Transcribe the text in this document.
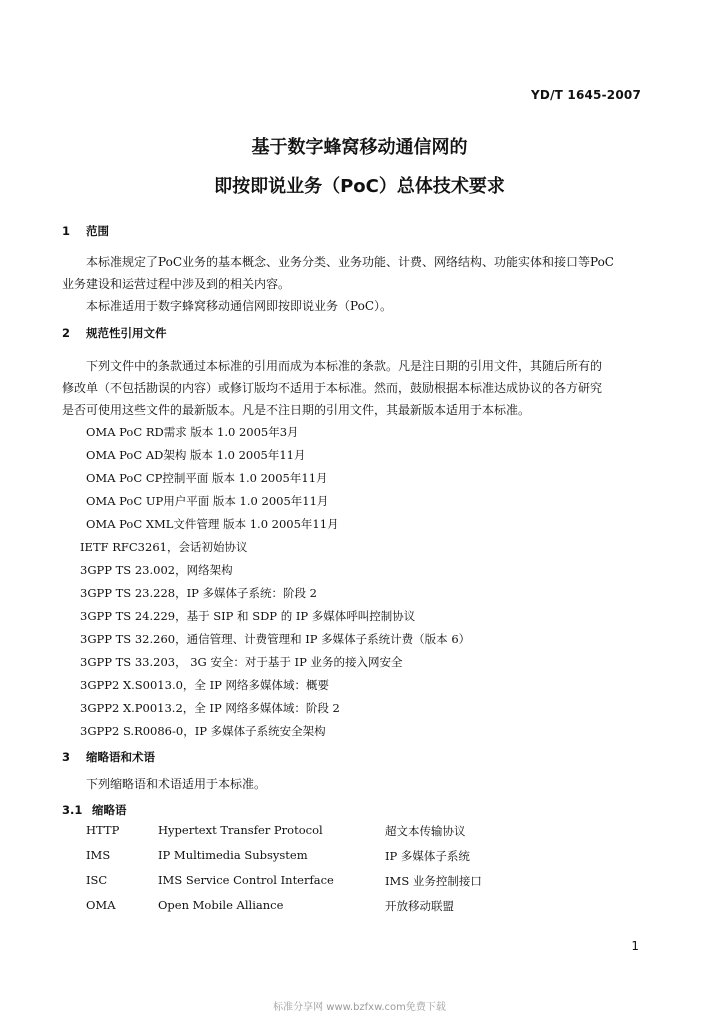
YD/T 1645-2007
基于数字蜂窝移动通信网的
即按即说业务（PoC）总体技术要求
1 范围
本标准规定了PoC业务的基本概念、业务分类、业务功能、计费、网络结构、功能实体和接口等PoC
业务建设和运营过程中涉及到的相关内容。
本标准适用于数字蜂窝移动通信网即按即说业务（PoC）。
2 规范性引用文件
下列文件中的条款通过本标准的引用而成为本标准的条款。凡是注日期的引用文件，其随后所有的
修改单（不包括勘误的内容）或修订版均不适用于本标准。然而，鼓励根据本标准达成协议的各方研究
是否可使用这些文件的最新版本。凡是不注日期的引用文件，其最新版本适用于本标准。
OMA PoC RD需求 版本 1.0 2005年3月
OMA PoC AD架构 版本 1.0 2005年11月
OMA PoC CP控制平面 版本 1.0 2005年11月
OMA PoC UP用户平面 版本 1.0 2005年11月
OMA PoC XML文件管理 版本 1.0 2005年11月
IETF RFC3261，会话初始协议
3GPP TS 23.002，网络架构
3GPP TS 23.228，IP 多媒体子系统：阶段 2
3GPP TS 24.229，基于 SIP 和 SDP 的 IP 多媒体呼叫控制协议
3GPP TS 32.260，通信管理、计费管理和 IP 多媒体子系统计费（版本 6）
3GPP TS 33.203， 3G 安全：对于基于 IP 业务的接入网安全
3GPP2 X.S0013.0，全 IP 网络多媒体域：概要
3GPP2 X.P0013.2，全 IP 网络多媒体域：阶段 2
3GPP2 S.R0086-0，IP 多媒体子系统安全架构
3 缩略语和术语
下列缩略语和术语适用于本标准。
3.1 缩略语
HTTP	Hypertext Transfer Protocol	超文本传输协议
IMS	IP Multimedia Subsystem	IP 多媒体子系统
ISC	IMS Service Control Interface	IMS 业务控制接口
OMA	Open Mobile Alliance	开放移动联盟
1
标准分享网 www.bzfxw.com免费下载
